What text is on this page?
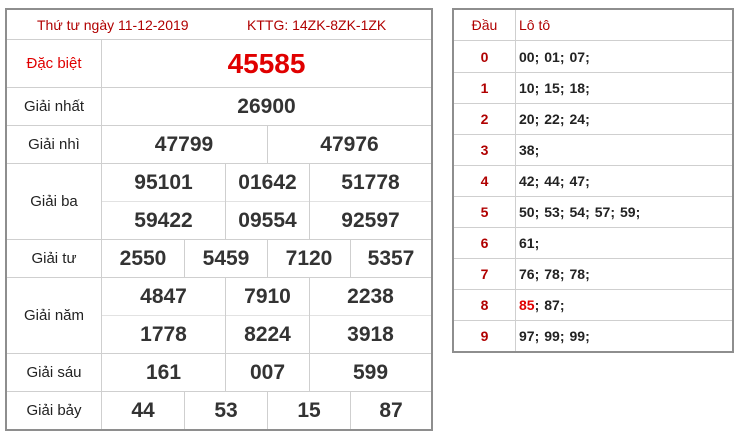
Thứ tư ngày 11-12-2019	KTTG: 14ZK-8ZK-1ZK
Đặc biệt	45585
Giải nhất	26900
Giải nhì	47799	47976
Giải ba
95101	01642	51778
59422	09554	92597
Giải tư	2550	5459	7120	5357
Giải năm
4847	7910	2238
1778	8224	3918
Giải sáu	161	007	599
Giải bảy	44	53	15	87
Đầu	Lô tô
0	00 ; 01 ; 07 ;
1	10 ; 15 ; 18 ;
2	20 ; 22 ; 24 ;
3	38 ;
4	42 ; 44 ; 47 ;
5	50 ; 53 ; 54 ; 57 ; 59 ;
6	61 ;
7	76 ; 78 ; 78 ;
8	85 ; 87 ;
9	97 ; 99 ; 99 ;
